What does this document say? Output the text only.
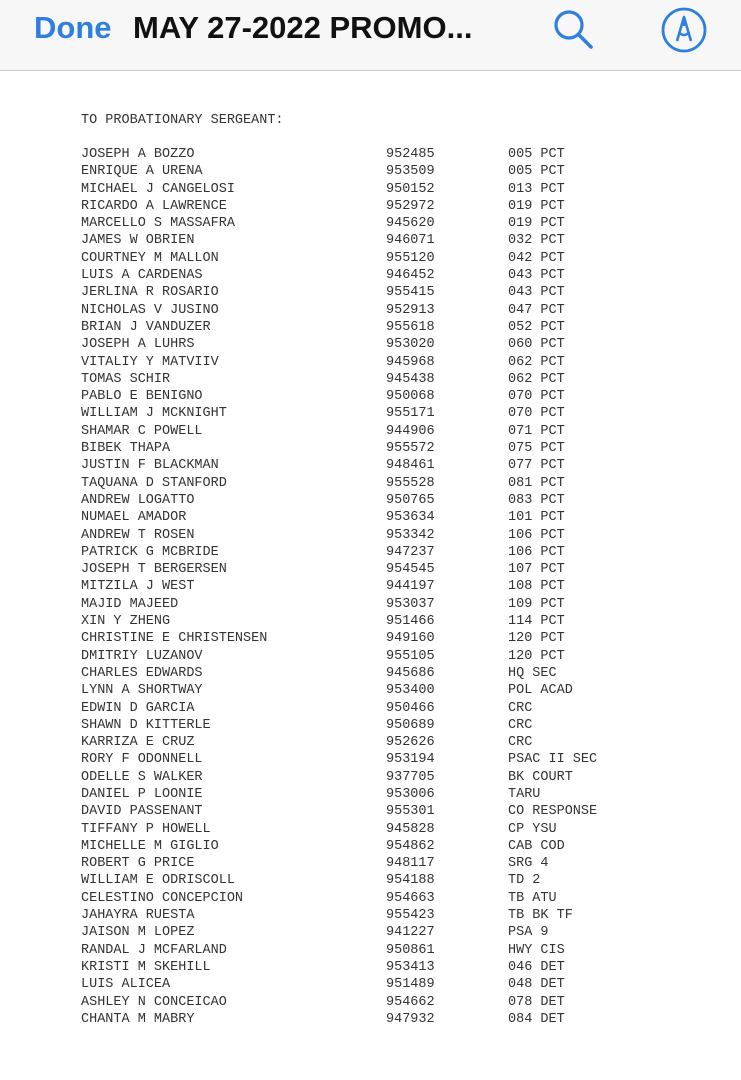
Done MAY 27-2022 PROMO...
TO PROBATIONARY SERGEANT:
JOSEPH A BOZZO	952485	005 PCT
ENRIQUE A URENA	953509	005 PCT
MICHAEL J CANGELOSI	950152	013 PCT
RICARDO A LAWRENCE	952972	019 PCT
MARCELLO S MASSAFRA	945620	019 PCT
JAMES W OBRIEN	946071	032 PCT
COURTNEY M MALLON	955120	042 PCT
LUIS A CARDENAS	946452	043 PCT
JERLINA R ROSARIO	955415	043 PCT
NICHOLAS V JUSINO	952913	047 PCT
BRIAN J VANDUZER	955618	052 PCT
JOSEPH A LUHRS	953020	060 PCT
VITALIY Y MATVIIV	945968	062 PCT
TOMAS SCHIR	945438	062 PCT
PABLO E BENIGNO	950068	070 PCT
WILLIAM J MCKNIGHT	955171	070 PCT
SHAMAR C POWELL	944906	071 PCT
BIBEK THAPA	955572	075 PCT
JUSTIN F BLACKMAN	948461	077 PCT
TAQUANA D STANFORD	955528	081 PCT
ANDREW LOGATTO	950765	083 PCT
NUMAEL AMADOR	953634	101 PCT
ANDREW T ROSEN	953342	106 PCT
PATRICK G MCBRIDE	947237	106 PCT
JOSEPH T BERGERSEN	954545	107 PCT
MITZILA J WEST	944197	108 PCT
MAJID MAJEED	953037	109 PCT
XIN Y ZHENG	951466	114 PCT
CHRISTINE E CHRISTENSEN	949160	120 PCT
DMITRIY LUZANOV	955105	120 PCT
CHARLES EDWARDS	945686	HQ SEC
LYNN A SHORTWAY	953400	POL ACAD
EDWIN D GARCIA	950466	CRC
SHAWN D KITTERLE	950689	CRC
KARRIZA E CRUZ	952626	CRC
RORY F ODONNELL	953194	PSAC II SEC
ODELLE S WALKER	937705	BK COURT
DANIEL P LOONIE	953006	TARU
DAVID PASSENANT	955301	CO RESPONSE
TIFFANY P HOWELL	945828	CP YSU
MICHELLE M GIGLIO	954862	CAB COD
ROBERT G PRICE	948117	SRG 4
WILLIAM E ODRISCOLL	954188	TD 2
CELESTINO CONCEPCION	954663	TB ATU
JAHAYRA RUESTA	955423	TB BK TF
JAISON M LOPEZ	941227	PSA 9
RANDAL J MCFARLAND	950861	HWY CIS
KRISTI M SKEHILL	953413	046 DET
LUIS ALICEA	951489	048 DET
ASHLEY N CONCEICAO	954662	078 DET
CHANTA M MABRY	947932	084 DET
